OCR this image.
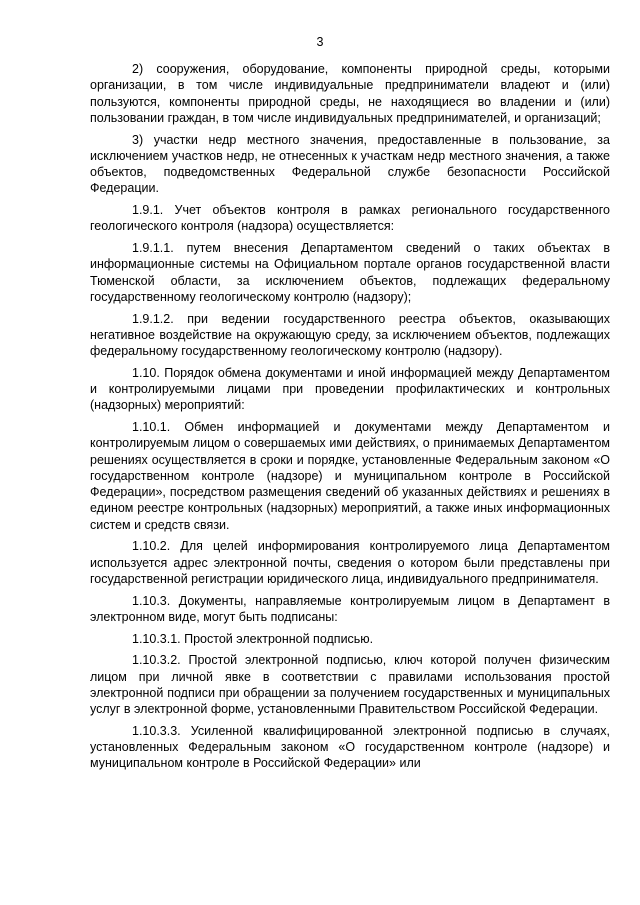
3

2) сооружения, оборудование, компоненты природной среды, которыми организации, в том числе индивидуальные предприниматели владеют и (или) пользуются, компоненты природной среды, не находящиеся во владении и (или) пользовании граждан, в том числе индивидуальных предпринимателей, и организаций;

3) участки недр местного значения, предоставленные в пользование, за исключением участков недр, не отнесенных к участкам недр местного значения, а также объектов, подведомственных Федеральной службе безопасности Российской Федерации.

1.9.1. Учет объектов контроля в рамках регионального государственного геологического контроля (надзора) осуществляется:

1.9.1.1. путем внесения Департаментом сведений о таких объектах в информационные системы на Официальном портале органов государственной власти Тюменской области, за исключением объектов, подлежащих федеральному государственному геологическому контролю (надзору);

1.9.1.2. при ведении государственного реестра объектов, оказывающих негативное воздействие на окружающую среду, за исключением объектов, подлежащих федеральному государственному геологическому контролю (надзору).

1.10. Порядок обмена документами и иной информацией между Департаментом и контролируемыми лицами при проведении профилактических и контрольных (надзорных) мероприятий:

1.10.1. Обмен информацией и документами между Департаментом и контролируемым лицом о совершаемых ими действиях, о принимаемых Департаментом решениях осуществляется в сроки и порядке, установленные Федеральным законом «О государственном контроле (надзоре) и муниципальном контроле в Российской Федерации», посредством размещения сведений об указанных действиях и решениях в едином реестре контрольных (надзорных) мероприятий, а также иных информационных систем и средств связи.

1.10.2. Для целей информирования контролируемого лица Департаментом используется адрес электронной почты, сведения о котором были представлены при государственной регистрации юридического лица, индивидуального предпринимателя.

1.10.3. Документы, направляемые контролируемым лицом в Департамент в электронном виде, могут быть подписаны:

1.10.3.1. Простой электронной подписью.

1.10.3.2. Простой электронной подписью, ключ которой получен физическим лицом при личной явке в соответствии с правилами использования простой электронной подписи при обращении за получением государственных и муниципальных услуг в электронной форме, установленными Правительством Российской Федерации.

1.10.3.3. Усиленной квалифицированной электронной подписью в случаях, установленных Федеральным законом «О государственном контроле (надзоре) и муниципальном контроле в Российской Федерации» или
